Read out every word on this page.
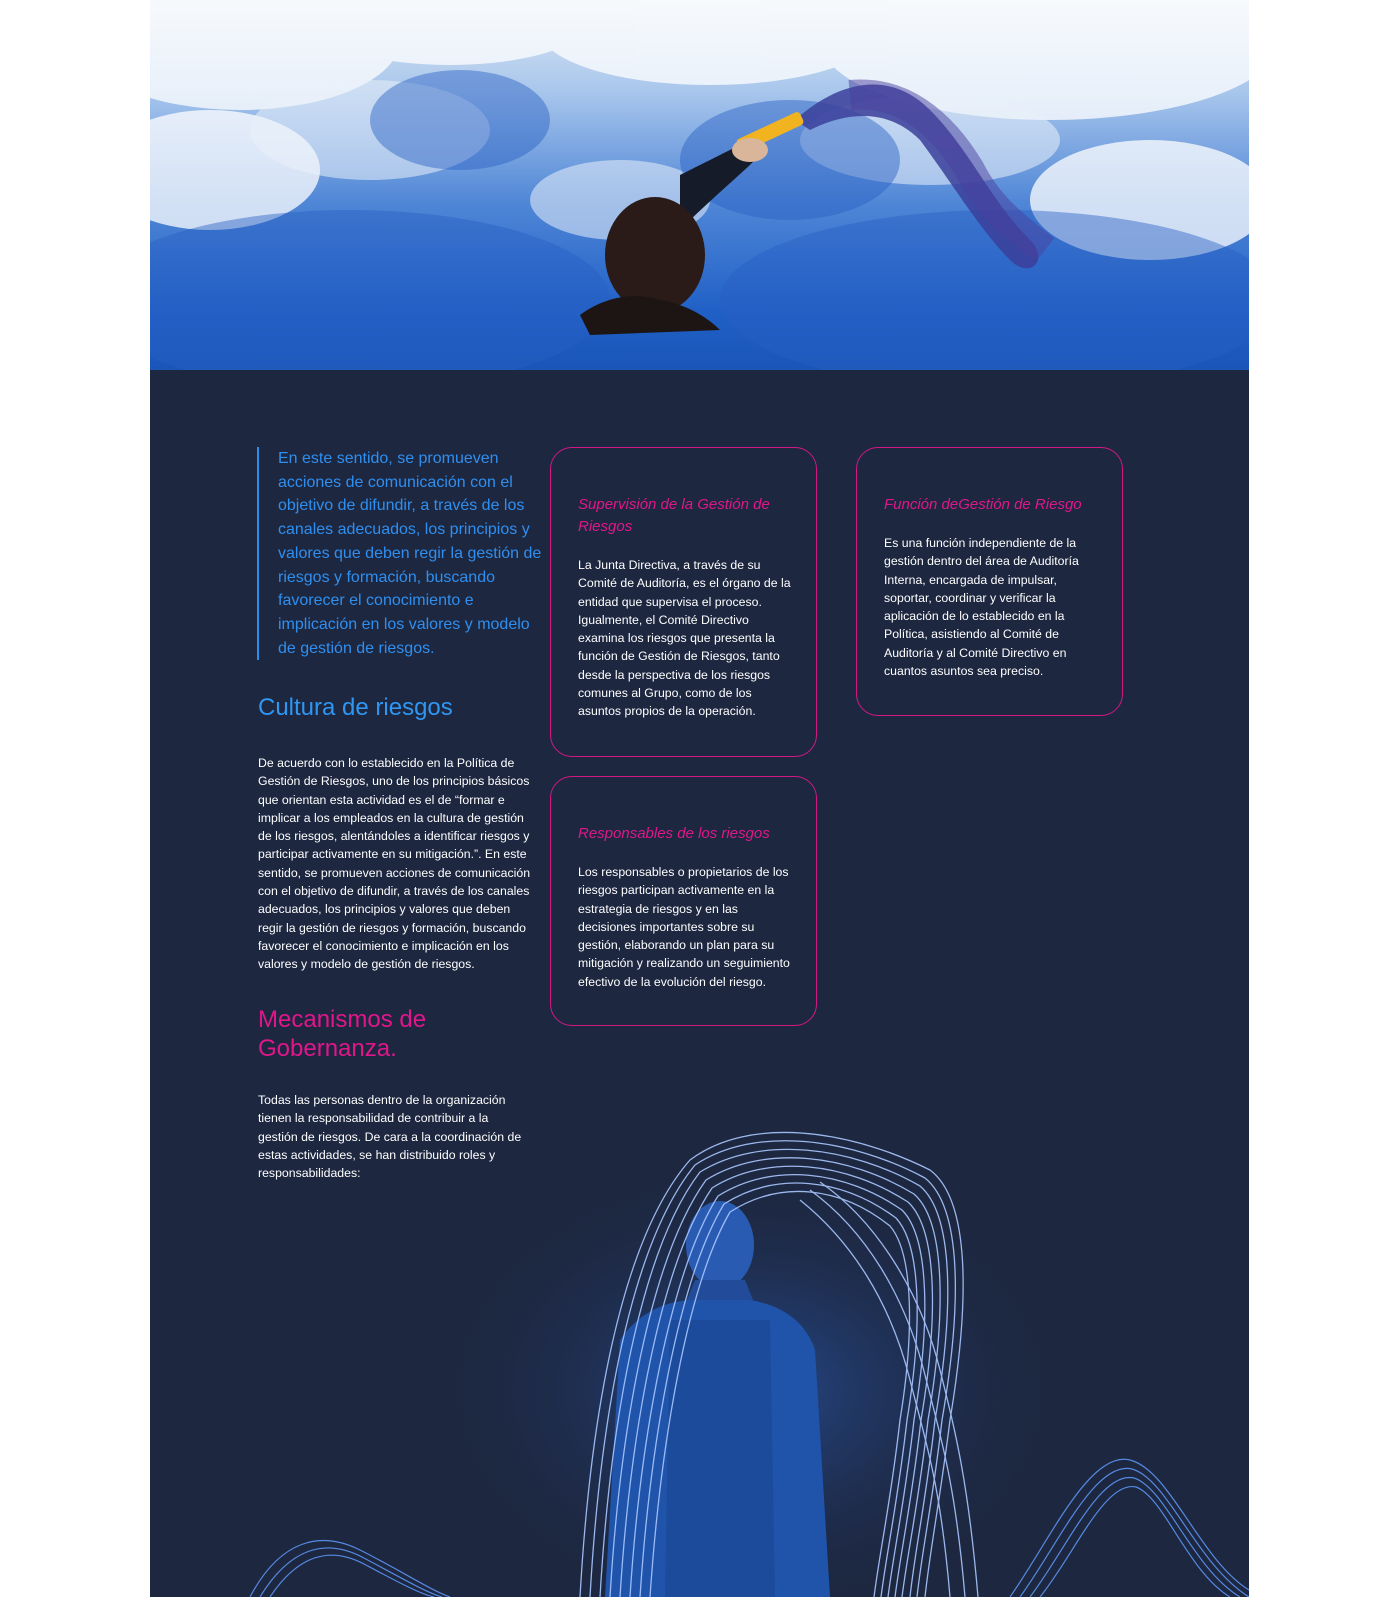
En este sentido, se promueven acciones de comunicación con el objetivo de difundir, a través de los canales adecuados, los principios y valores que deben regir la gestión de riesgos y formación, buscando favorecer el conocimiento e implicación en los valores y modelo de gestión de riesgos.
Cultura de riesgos

De acuerdo con lo establecido en la Política de Gestión de Riesgos, uno de los principios básicos que orientan esta actividad es el de “formar e implicar a los empleados en la cultura de gestión de los riesgos, alentándoles a identificar riesgos y participar activamente en su mitigación.”. En este sentido, se promueven acciones de comunicación con el objetivo de difundir, a través de los canales adecuados, los principios y valores que deben regir la gestión de riesgos y formación, buscando favorecer el conocimiento e implicación en los valores y modelo de gestión de riesgos.

Mecanismos de Gobernanza.

Todas las personas dentro de la organización tienen la responsabilidad de contribuir a la gestión de riesgos. De cara a la coordinación de estas actividades, se han distribuido roles y responsabilidades:

Supervisión de la Gestión de Riesgos

La Junta Directiva, a través de su Comité de Auditoría, es el órgano de la entidad que supervisa el proceso. Igualmente, el Comité Directivo examina los riesgos que presenta la función de Gestión de Riesgos, tanto desde la perspectiva de los riesgos comunes al Grupo, como de los asuntos propios de la operación.

Función deGestión de Riesgo

Es una función independiente de la gestión dentro del área de Auditoría Interna, encargada de impulsar, soportar, coordinar y verificar la aplicación de lo establecido en la Política, asistiendo al Comité de Auditoría y al Comité Directivo en cuantos asuntos sea preciso.

Responsables de los riesgos

Los responsables o propietarios de los riesgos participan activamente en la estrategia de riesgos y en las decisiones importantes sobre su gestión, elaborando un plan para su mitigación y realizando un seguimiento efectivo de la evolución del riesgo.
